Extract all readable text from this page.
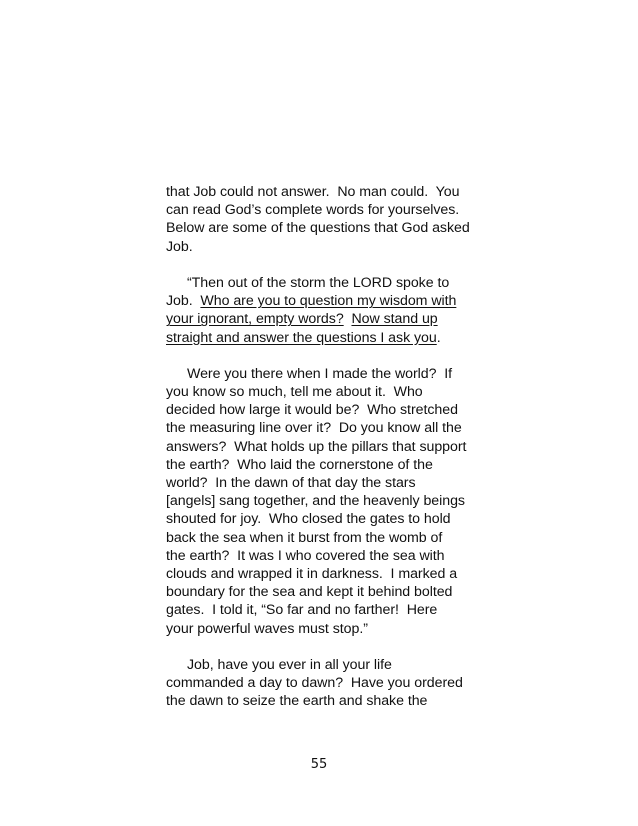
that Job could not answer.  No man could.  You
can read God’s complete words for yourselves.
Below are some of the questions that God asked
Job.
“Then out of the storm the LORD spoke to
Job.  Who are you to question my wisdom with
your ignorant, empty words? Now stand up
straight and answer the questions I ask you.
Were you there when I made the world?  If
you know so much, tell me about it.  Who
decided how large it would be?  Who stretched
the measuring line over it?  Do you know all the
answers?  What holds up the pillars that support
the earth?  Who laid the cornerstone of the
world?  In the dawn of that day the stars
[angels] sang together, and the heavenly beings
shouted for joy.  Who closed the gates to hold
back the sea when it burst from the womb of
the earth?  It was I who covered the sea with
clouds and wrapped it in darkness.  I marked a
boundary for the sea and kept it behind bolted
gates.  I told it, “So far and no farther!  Here
your powerful waves must stop.”
Job, have you ever in all your life
commanded a day to dawn?  Have you ordered
the dawn to seize the earth and shake the
55
